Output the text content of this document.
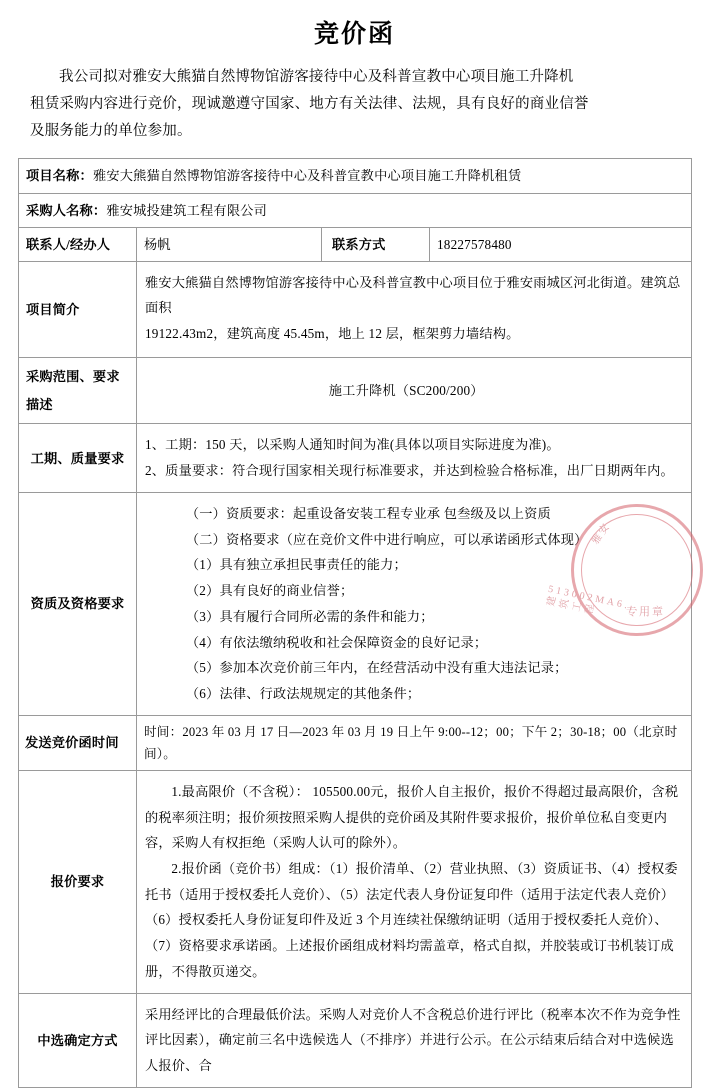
竞价函
我公司拟对雅安大熊猫自然博物馆游客接待中心及科普宣教中心项目施工升降机
租赁采购内容进行竞价，现诚邀遵守国家、地方有关法律、法规，具有良好的商业信誉
及服务能力的单位参加。
项目名称：雅安大熊猫自然博物馆游客接待中心及科普宣教中心项目施工升降机租赁			
采购人名称：雅安城投建筑工程有限公司			
联系人/经办人	杨帆	联系方式	18227578480
项目简介	雅安大熊猫自然博物馆游客接待中心及科普宣教中心项目位于雅安雨城区河北街道。建筑总面积

19122.43m2，建筑高度 45.45m，地上 12 层，框架剪力墙结构。		

采购范围、要求
描述	施工升降机（SC200/200）		

工期、质量要求	1、工期：150 天，以采购人通知时间为准(具体以项目实际进度为准)。

2、质量要求：符合现行国家相关现行标准要求，并达到检验合格标准，出厂日期两年内。		

资质及资格要求	

（一）资质要求：起重设备安装工程专业承 包叁级及以上资质

（二）资格要求（应在竞价文件中进行响应，可以承诺函形式体现）

（1）具有独立承担民事责任的能力；

（2）具有良好的商业信誉；

（3）具有履行合同所必需的条件和能力；

（4）有依法缴纳税收和社会保障资金的良好记录；

（5）参加本次竞价前三年内，在经营活动中没有重大违法记录；

（6）法律、行政法规规定的其他条件；

发送竞价函时间	时间：2023 年 03 月 17 日—2023 年 03 月 19 日上午 9:00--12；00；下午 2；30-18；00（北京时间）。		
报价要求	1.最高限价（不含税）： 105500.00元，报价人自主报价，报价不得超过最高限价，含税的税率须注明；报价须按照采购人提供的竞价函及其附件要求报价，报价单位私自变更内容，采购人有权拒绝（采购人认可的除外）。

2.报价函（竞价书）组成：（1）报价清单、（2）营业执照、（3）资质证书、（4）授权委托书（适用于授权委托人竞价）、（5）法定代表人身份证复印件（适用于法定代表人竞价）（6）授权委托人身份证复印件及近 3 个月连续社保缴纳证明（适用于授权委托人竞价）、（7）资格要求承诺函。上述报价函组成材料均需盖章，格式自拟，并胶装或订书机装订成册，不得散页递交。		

中选确定方式	采用经评比的合理最低价法。采购人对竞价人不含税总价进行评比（税率本次不作为竞争性评比因素），确定前三名中选候选人（不排序）并进行公示。在公示结束后结合对中选候选人报价、合		

雅安
513002MA6...建筑工程	专用章
